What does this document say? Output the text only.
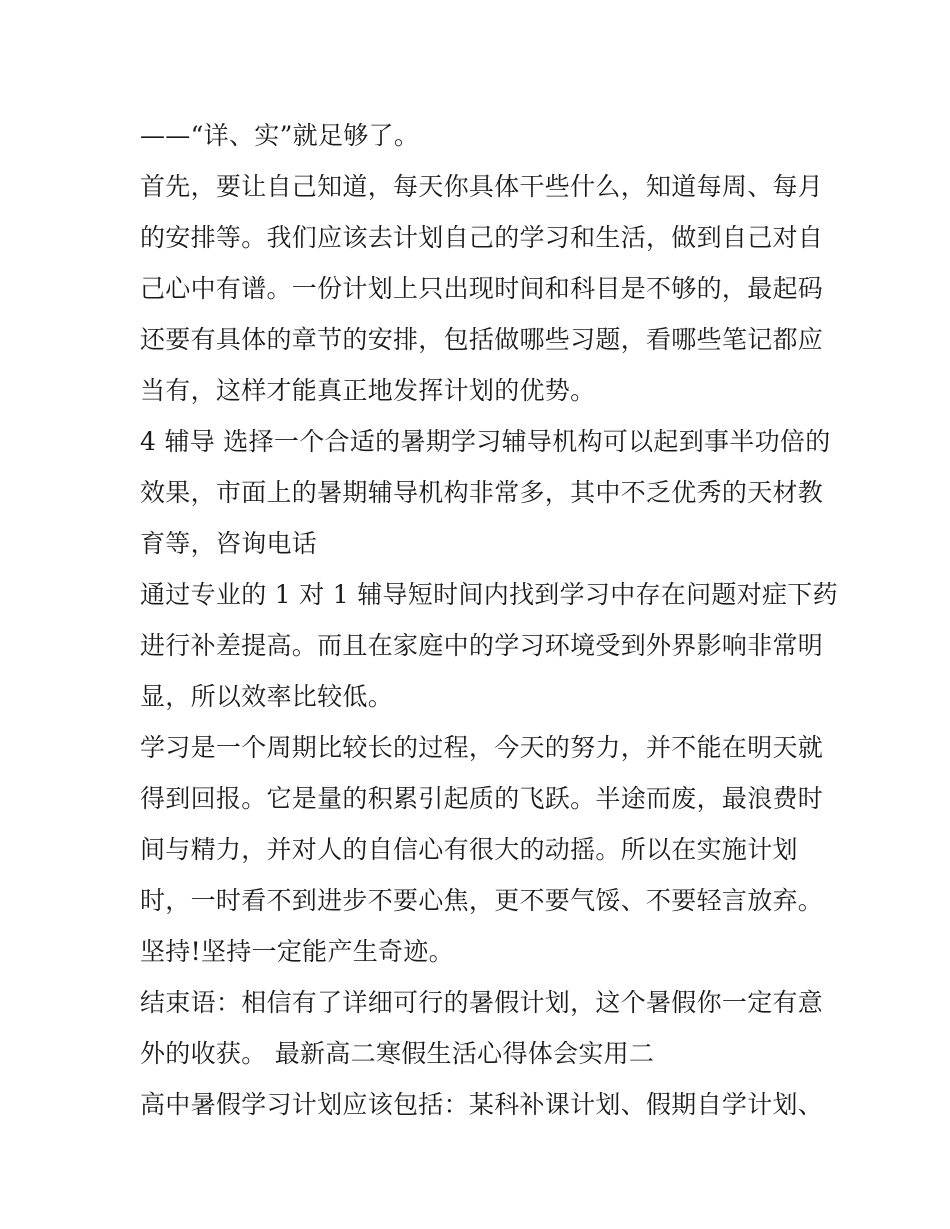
——“详、实”就足够了。
首先，要让自己知道，每天你具体干些什么，知道每周、每月
的安排等。我们应该去计划自己的学习和生活，做到自己对自
己心中有谱。一份计划上只出现时间和科目是不够的，最起码
还要有具体的章节的安排，包括做哪些习题，看哪些笔记都应
当有，这样才能真正地发挥计划的优势。
4 辅导 选择一个合适的暑期学习辅导机构可以起到事半功倍的
效果，市面上的暑期辅导机构非常多，其中不乏优秀的天材教
育等，咨询电话
通过专业的 1 对 1 辅导短时间内找到学习中存在问题对症下药
进行补差提高。而且在家庭中的学习环境受到外界影响非常明
显，所以效率比较低。
学习是一个周期比较长的过程，今天的努力，并不能在明天就
得到回报。它是量的积累引起质的飞跃。半途而废，最浪费时
间与精力，并对人的自信心有很大的动摇。所以在实施计划
时，一时看不到进步不要心焦，更不要气馁、不要轻言放弃。
坚持!坚持一定能产生奇迹。
结束语：相信有了详细可行的暑假计划，这个暑假你一定有意
外的收获。 最新高二寒假生活心得体会实用二
高中暑假学习计划应该包括：某科补课计划、假期自学计划、
